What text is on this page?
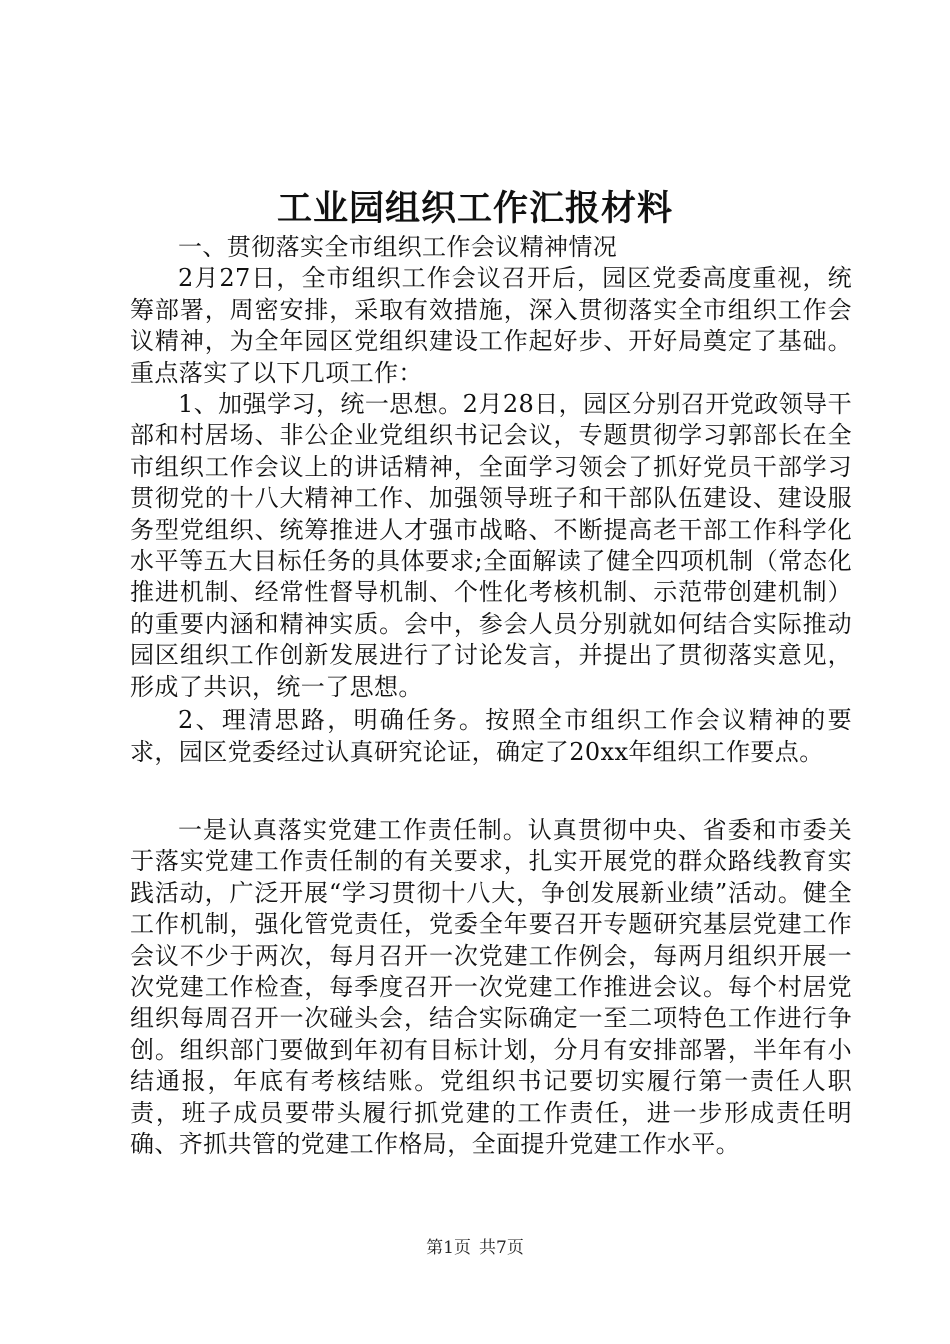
工业园组织工作汇报材料

一、贯彻落实全市组织工作会议精神情况

2月27日，全市组织工作会议召开后，园区党委高度重视，统筹部署，周密安排，采取有效措施，深入贯彻落实全市组织工作会议精神，为全年园区党组织建设工作起好步、开好局奠定了基础。重点落实了以下几项工作：

1、加强学习，统一思想。2月28日，园区分别召开党政领导干部和村居场、非公企业党组织书记会议，专题贯彻学习郭部长在全市组织工作会议上的讲话精神，全面学习领会了抓好党员干部学习贯彻党的十八大精神工作、加强领导班子和干部队伍建设、建设服务型党组织、统筹推进人才强市战略、不断提高老干部工作科学化水平等五大目标任务的具体要求;全面解读了健全四项机制（常态化推进机制、经常性督导机制、个性化考核机制、示范带创建机制）的重要内涵和精神实质。会中，参会人员分别就如何结合实际推动园区组织工作创新发展进行了讨论发言，并提出了贯彻落实意见，形成了共识，统一了思想。

2、理清思路，明确任务。按照全市组织工作会议精神的要求，园区党委经过认真研究论证，确定了20xx年组织工作要点。

一是认真落实党建工作责任制。认真贯彻中央、省委和市委关于落实党建工作责任制的有关要求，扎实开展党的群众路线教育实践活动，广泛开展“学习贯彻十八大，争创发展新业绩”活动。健全工作机制，强化管党责任，党委全年要召开专题研究基层党建工作会议不少于两次，每月召开一次党建工作例会，每两月组织开展一次党建工作检查，每季度召开一次党建工作推进会议。每个村居党组织每周召开一次碰头会，结合实际确定一至二项特色工作进行争创。组织部门要做到年初有目标计划，分月有安排部署，半年有小结通报，年底有考核结账。党组织书记要切实履行第一责任人职责，班子成员要带头履行抓党建的工作责任，进一步形成责任明确、齐抓共管的党建工作格局，全面提升党建工作水平。

第1页 共7页
